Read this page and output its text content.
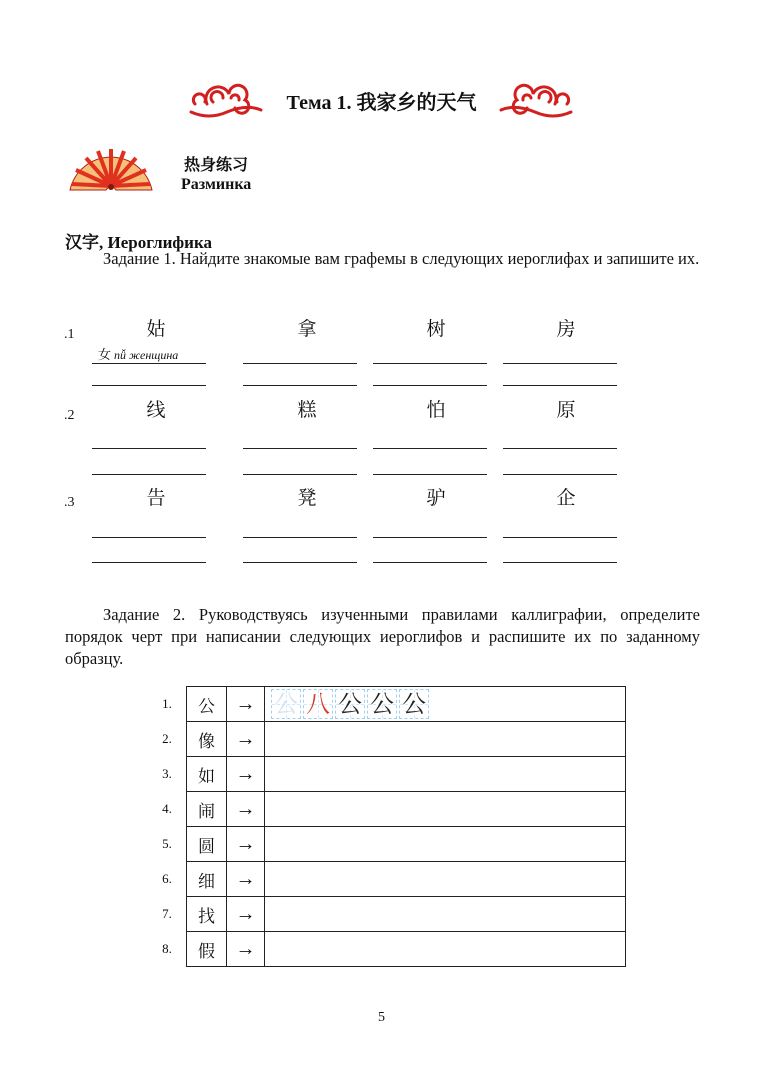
Тема 1. 我家乡的天气
热身练习
Разминка
汉字, Иероглифика
Задание 1. Найдите знакомые вам графемы в следующих иероглифах и запишите их.
.1	姑	拿	树	房
女 nǚ женщина
.2	线	糕	怕	原
.3	告	凳	驴	企
Задание 2. Руководствуясь изученными правилами каллиграфии, определите порядок черт при написании следующих иероглифов и распишите их по заданному образцу.
1.	公	→	公 八 公 公 公

2.	像	→	
3.	如	→	
4.	闹	→	
5.	圆	→	
6.	细	→	
7.	找	→	
8.	假	→	
5
